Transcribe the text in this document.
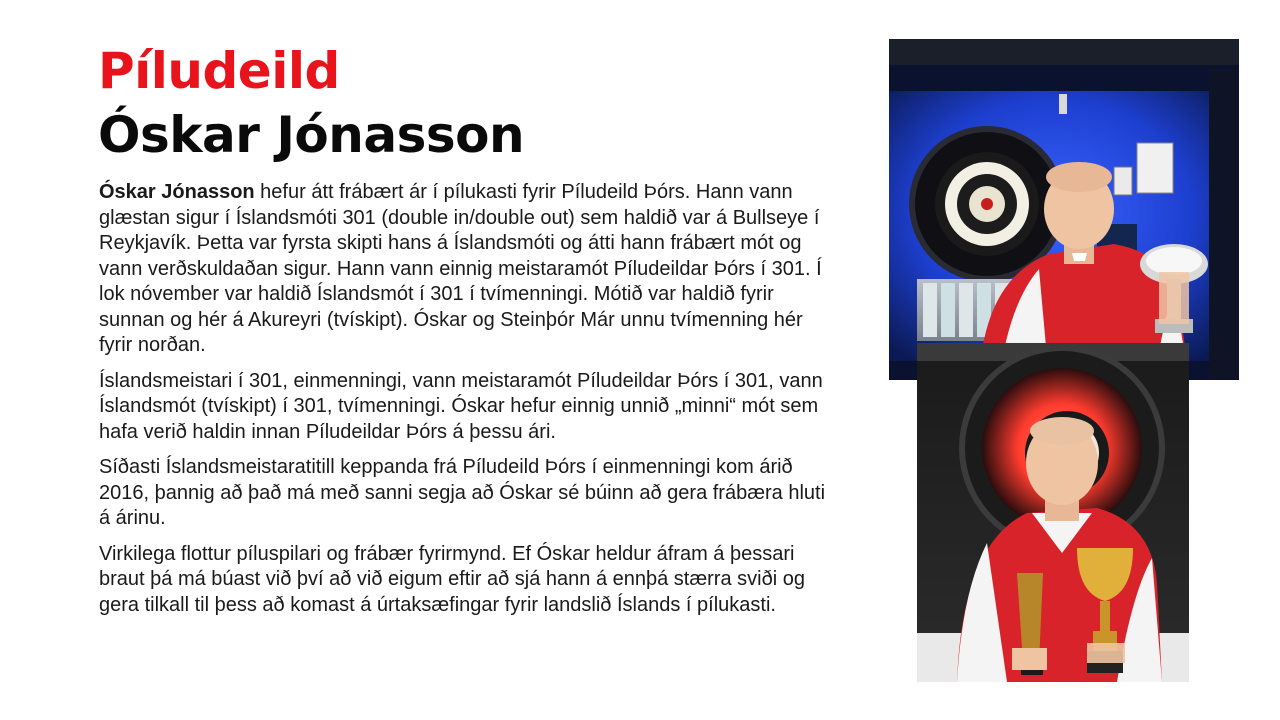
Píludeild
Óskar Jónasson

Óskar Jónasson hefur átt frábært ár í pílukasti fyrir Píludeild Þórs. Hann vann glæstan sigur í Íslandsmóti 301 (double in/double out) sem haldið var á Bullseye í Reykjavík. Þetta var fyrsta skipti hans á Íslandsmóti og átti hann frábært mót og vann verðskuldaðan sigur. Hann vann einnig meistaramót Píludeildar Þórs í 301. Í lok nóvember var haldið Íslandsmót í 301 í tvímenningi. Mótið var haldið fyrir sunnan og hér á Akureyri (tvískipt). Óskar og Steinþór Már unnu tvímenning hér fyrir norðan.

Íslandsmeistari í 301, einmenningi, vann meistaramót Píludeildar Þórs í 301, vann Íslandsmót (tvískipt) í 301, tvímenningi. Óskar hefur einnig unnið „minni“ mót sem hafa verið haldin innan Píludeildar Þórs á þessu ári.

Síðasti Íslandsmeistaratitill keppanda frá Píludeild Þórs í einmenningi kom árið 2016, þannig að það má með sanni segja að Óskar sé búinn að gera frábæra hluti á árinu.

Virkilega flottur píluspilari og frábær fyrirmynd. Ef Óskar heldur áfram á þessari braut þá má búast við því að við eigum eftir að sjá hann á ennþá stærra sviði og gera tilkall til þess að komast á úrtaksæfingar fyrir landslið Íslands í pílukasti.
